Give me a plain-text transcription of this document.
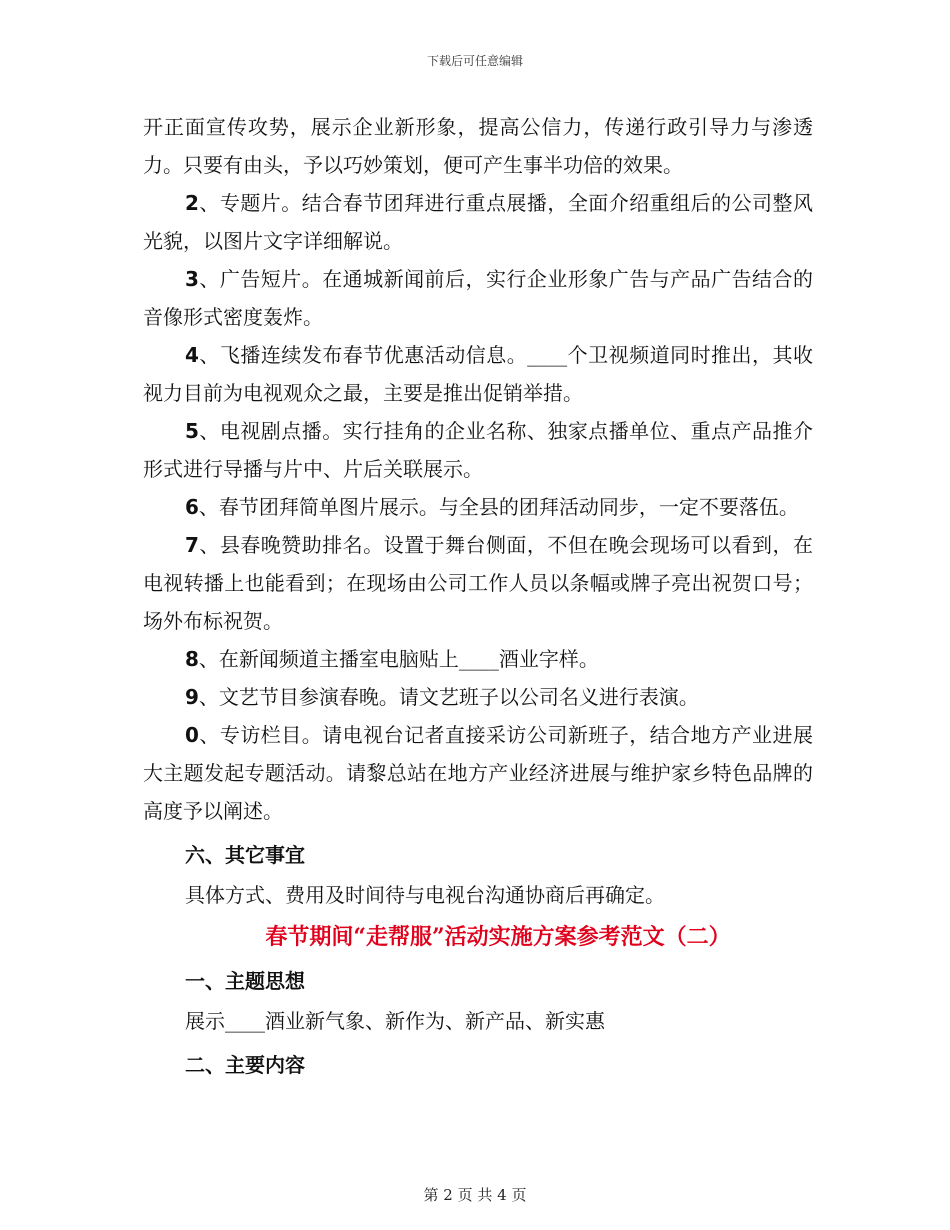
下载后可任意编辑

开正面宣传攻势，展示企业新形象，提高公信力，传递行政引导力与渗透力。只要有由头，予以巧妙策划，便可产生事半功倍的效果。

2、专题片。结合春节团拜进行重点展播，全面介绍重组后的公司整风光貌，以图片文字详细解说。

3、广告短片。在通城新闻前后，实行企业形象广告与产品广告结合的音像形式密度轰炸。

4、飞播连续发布春节优惠活动信息。____个卫视频道同时推出，其收视力目前为电视观众之最，主要是推出促销举措。

5、电视剧点播。实行挂角的企业名称、独家点播单位、重点产品推介形式进行导播与片中、片后关联展示。

6、春节团拜简单图片展示。与全县的团拜活动同步，一定不要落伍。

7、县春晚赞助排名。设置于舞台侧面，不但在晚会现场可以看到，在电视转播上也能看到；在现场由公司工作人员以条幅或牌子亮出祝贺口号；场外布标祝贺。

8、在新闻频道主播室电脑贴上____酒业字样。

9、文艺节目参演春晚。请文艺班子以公司名义进行表演。

0、专访栏目。请电视台记者直接采访公司新班子，结合地方产业进展大主题发起专题活动。请黎总站在地方产业经济进展与维护家乡特色品牌的高度予以阐述。

六、其它事宜

具体方式、费用及时间待与电视台沟通协商后再确定。

春节期间“走帮服”活动实施方案参考范文（二）

一、主题思想

展示____酒业新气象、新作为、新产品、新实惠

二、主要内容

第 2 页 共 4 页
